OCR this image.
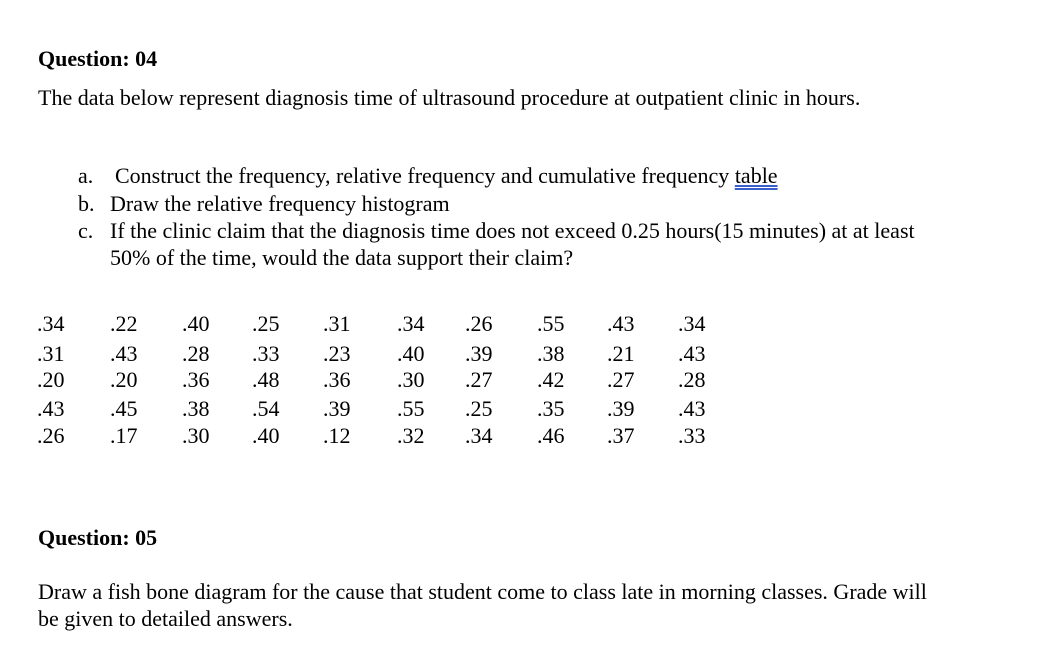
Question: 04
The data below represent diagnosis time of ultrasound procedure at outpatient clinic in hours.
a. Construct the frequency, relative frequency and cumulative frequency table
b. Draw the relative frequency histogram
c. If the clinic claim that the diagnosis time does not exceed 0.25 hours(15 minutes) at at least
50% of the time, would the data support their claim?
.34 .22 .40 .25 .31 .34 .26 .55 .43 .34
.31 .43 .28 .33 .23 .40 .39 .38 .21 .43
.20 .20 .36 .48 .36 .30 .27 .42 .27 .28
.43 .45 .38 .54 .39 .55 .25 .35 .39 .43
.26 .17 .30 .40 .12 .32 .34 .46 .37 .33
Question: 05
Draw a fish bone diagram for the cause that student come to class late in morning classes. Grade will
be given to detailed answers.
